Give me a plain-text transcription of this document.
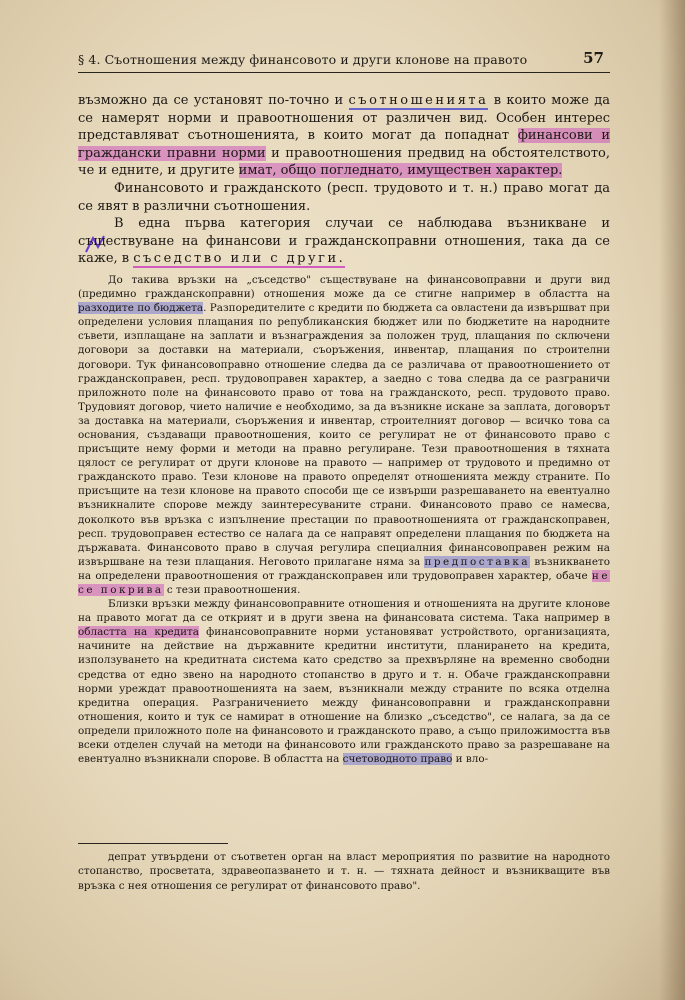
§ 4. Съотношения между финансовото и други клонове на правото	57

възможно да се установят по-точно и съотношенията в които може да се намерят норми и правоотношения от различен вид. Особен интерес представляват съотношенията, в които могат да попаднат финансови и граждански правни норми и правоотношения предвид на обстоятелството, че и едните, и другите имат, общо погледнато, имуществен характер.

Финансовото и гражданското (респ. трудовото и т. н.) право могат да се явят в различни съотношения.

В една първа категория случаи се наблюдава възникване и съществуване на финансови и гражданскоправни отношения, така да се каже, в съседство или с други.

До такива връзки на „съседство" съществуване на финансовоправни и други вид (предимно гражданскоправни) отношения може да се стигне например в областта на разходите по бюджета. Разпоредителите с кредити по бюджета са овластени да извършват при определени условия плащания по републиканския бюджет или по бюджетите на народните съвети, изплащане на заплати и възнаграждения за положен труд, плащания по сключени договори за доставки на материали, съоръжения, инвентар, плащания по строителни договори. Тук финансовоправно отношение следва да се различава от правоотношението от гражданскоправен, респ. трудовоправен характер, а заедно с това следва да се разграничи приложното поле на финансовото право от това на гражданското, респ. трудовото право. Трудовият договор, чието наличие е необходимо, за да възникне искане за заплата, договорът за доставка на материали, съоръжения и инвентар, строителният договор — всичко това са основания, създаващи правоотношения, които се регулират не от финансовото право с присъщите нему форми и методи на правно регулиране. Тези правоотношения в тяхната цялост се регулират от други клонове на правото — например от трудовото и предимно от гражданското право. Тези клонове на правото определят отношенията между страните. По присъщите на тези клонове на правото способи ще се извърши разрешаването на евентуално възникналите спорове между заинтересуваните страни. Финансовото право се намесва, доколкото във връзка с изпълнение престации по правоотношенията от гражданскоправен, респ. трудовоправен естество се налага да се направят определени плащания по бюджета на държавата. Финансовото право в случая регулира специалния финансовоправен режим на извършване на тези плащания. Неговото прилагане няма за предпоставка възникването на определени правоотношения от гражданскоправен или трудовоправен характер, обаче не се покрива с тези правоотношения.

Близки връзки между финансовоправните отношения и отношенията на другите клонове на правото могат да се открият и в други звена на финансовата система. Така например в областта на кредита финансовоправните норми установяват устройството, организацията, начините на действие на държавните кредитни институти, планирането на кредита, използуването на кредитната система като средство за прехвърляне на временно свободни средства от едно звено на народното стопанство в друго и т. н. Обаче гражданскоправни норми уреждат правоотношенията на заем, възникнали между страните по всяка отделна кредитна операция. Разграничението между финансовоправни и гражданскоправни отношения, които и тук се намират в отношение на близко „съседство", се налага, за да се определи приложното поле на финансовото и гражданското право, а също приложимостта във всеки отделен случай на методи на финансовото или гражданското право за разрешаване на евентуално възникнали спорове. В областта на счетоводното право и вло-

депрат утвърдени от съответен орган на власт мероприятия по развитие на народното стопанство, просветата, здравеопазването и т. н. — тяхната дейност и възникващите във връзка с нея отношения се регулират от финансовото право".
